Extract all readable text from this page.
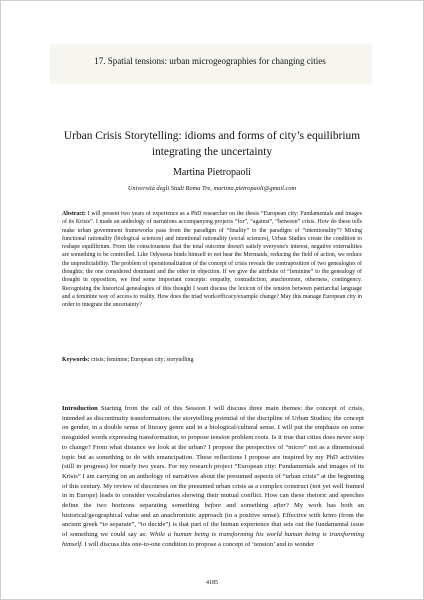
17. Spatial tensions: urban microgeographies for changing cities
Urban Crisis Storytelling: idioms and forms of city’s equilibrium integrating the uncertainty
Martina Pietropaoli
Università degli Studi Roma Tre, martina.pietropaoli@gmail.com
Abstract: I will present two years of experience as a PhD researcher on the thesis “European city: Fundamentals and images of its Krisis”. I made an anthology of narrations accompanying projects “for”, “against”, “between” crisis. How do these tells make urban government frameworks pass from the paradigm of “finality” to the paradigm of “intentionality”? Mixing functional rationality (biological sciences) and intentional rationality (social sciences), Urban Studies create the condition to reshape equilibrium. From the consciousness that the total outcome doesn't satisfy everyone's interest, negative externalities are something to be controlled. Like Odysseus binds himself to not hear the Mermaids, reducing the field of action, we reduce the unpredictability. The problem of operationalization of the concept of crisis reveals the contraposition of two genealogies of thoughts; the one considered dominant and the other in objection. If we give the attribute of “feminine” to the genealogy of thought in opposition, we find some important concepts: empathy, contradiction, anachronism, otherness, contingency. Recognising the historical genealogies of this thought I want discuss the lexicon of the tension between patriarchal language and a feminine way of access to reality. How does the triad work/efficacy/example change? May this manage European city in order to integrate the uncertainty?
Keywords: crisis; feminine; European city; storytelling
Introduction Starting from the call of this Session I will discuss three main themes: the concept of crisis, intended as discontinuity transformation; the storytelling potential of the discipline of Urban Studies; the concept on gender, in a double sense of literary genre and in a biological/cultural sense. I will put the emphasis on some misguided words expressing transformation, to propose tension problem roots. Is it true that cities does never stop to change? From what distance we look at the urban? I propose the perspective of “micro” not as a dimensional topic but as something to do with emancipation. These reflections I propose are inspired by my PhD activities (still in progress) for nearly two years. For my research project “European city: Fundamentals and images of its Krisis” I am carrying on an anthology of narratives about the presumed aspects of “urban crisis” at the beginning of this century. My review of discourses on the presumed urban crisis as a complex construct (not yet well framed in in Europe) leads to consider vocabularies showing their mutual conflict. How can these rhetoric and speeches define the two horizons separating something before and something after? My work has both an historical/geographical value and an anachronistic approach (in a positive sense). Effective with krino (from the ancient greek “to separate”, “to decide”) is that part of the human experience that sets out the fundamental issue of something we could say as: While a human being is transforming his world human being is transforming himself. I will discuss this one-to-one condition to propose a concept of ‘tension’ and to wonder
4185
